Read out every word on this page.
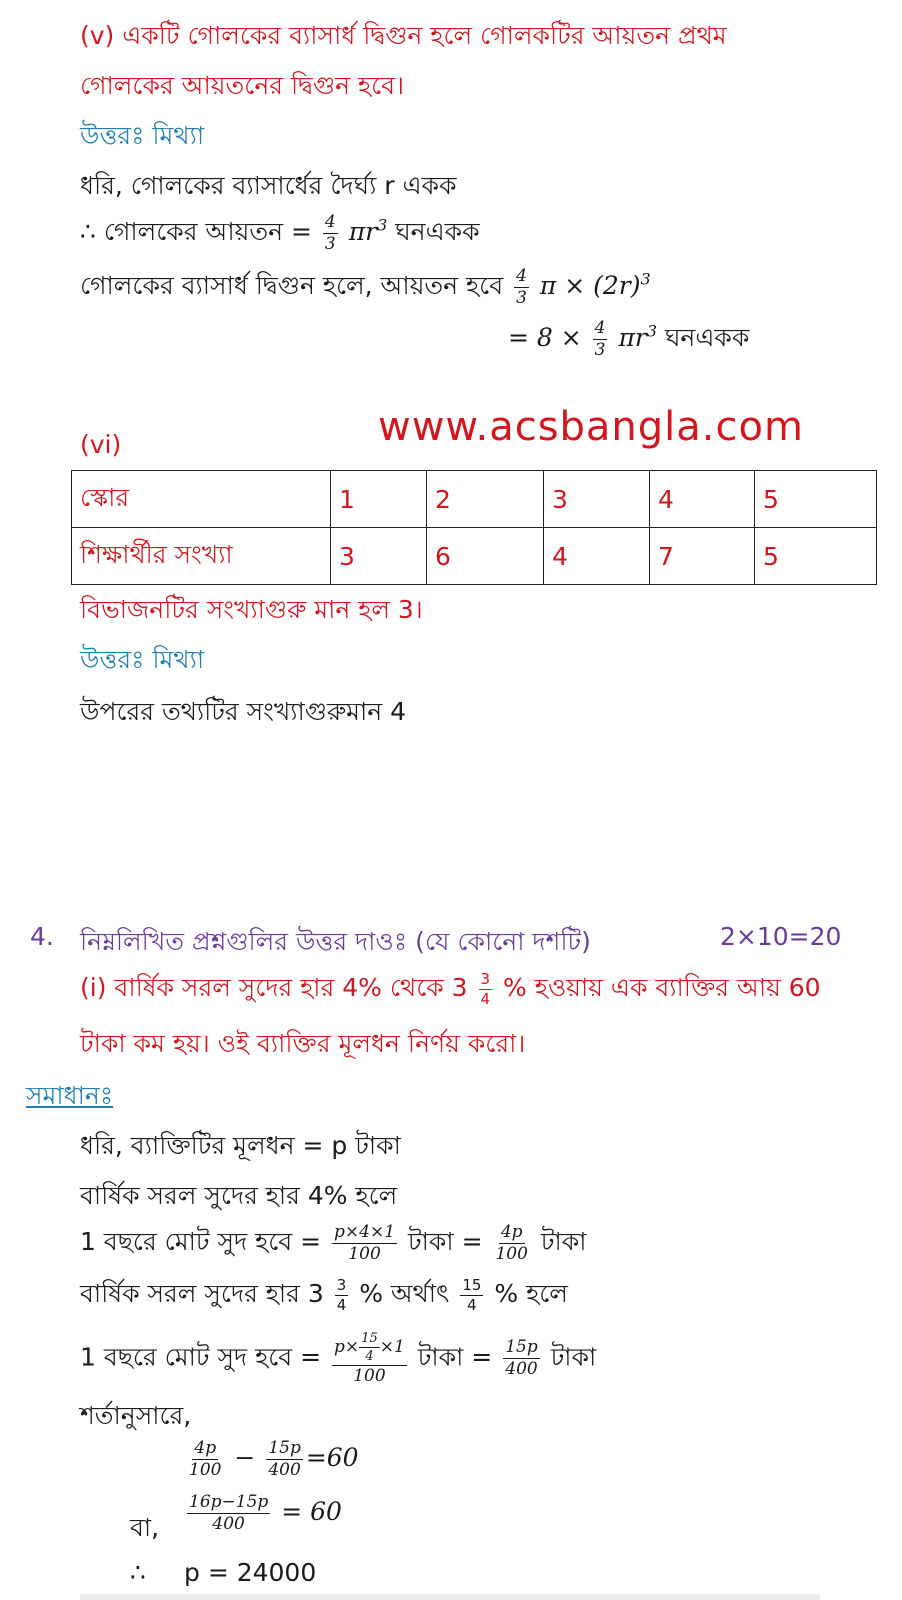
(v) একটি গোলকের ব্যাসার্ধ দ্বিগুন হলে গোলকটির আয়তন প্রথম
গোলকের আয়তনের দ্বিগুন হবে।
উত্তরঃ মিথ্যা
ধরি, গোলকের ব্যাসার্ধের দৈর্ঘ্য r একক
∴ গোলকের আয়তন = $\frac{4}{3} \pi r^3$ ঘনএকক
গোলকের ব্যাসার্ধ দ্বিগুন হলে, আয়তন হবে $\frac{4}{3}$ $\pi \times (2r)^3$
= $8 \times \frac{4}{3} \pi r^3$ ঘনএকক
(vi)	www.acsbangla.com
স্কোর	1	2	3	4	5
শিক্ষার্থীর সংখ্যা	3	6	4	7	5
বিভাজনটির সংখ্যাগুরু মান হল 3।
উত্তরঃ মিথ্যা
উপরের তথ্যটির সংখ্যাগুরুমান 4
4. নিম্নলিখিত প্রশ্নগুলির উত্তর দাওঃ (যে কোনো দশটি)	2×10=20
(i) বার্ষিক সরল সুদের হার 4% থেকে $3 \frac{3}{4}$ % হওয়ায় এক ব্যাক্তির আয় 60
টাকা কম হয়। ওই ব্যাক্তির মূলধন নির্ণয় করো।
সমাধানঃ
ধরি, ব্যাক্তিটির মূলধন = p টাকা
বার্ষিক সরল সুদের হার 4% হলে
1 বছরে মোট সুদ হবে = $\frac{p\times 4\times 1}{100}$ টাকা = $\frac{4p}{100}$ টাকা
বার্ষিক সরল সুদের হার $3 \frac{3}{4}$ % অর্থাৎ $\frac{15}{4}$ % হলে
1 বছরে মোট সুদ হবে = $\frac{p\times \frac{15}{4} \times 1}{100}$ টাকা = $\frac{15p}{400}$ টাকা
শর্তানুসারে,
$\frac{4p}{100} - \frac{15p}{400} =60$
বা, $\frac{16p-15p}{400} = 60$
∴ p = 24000
